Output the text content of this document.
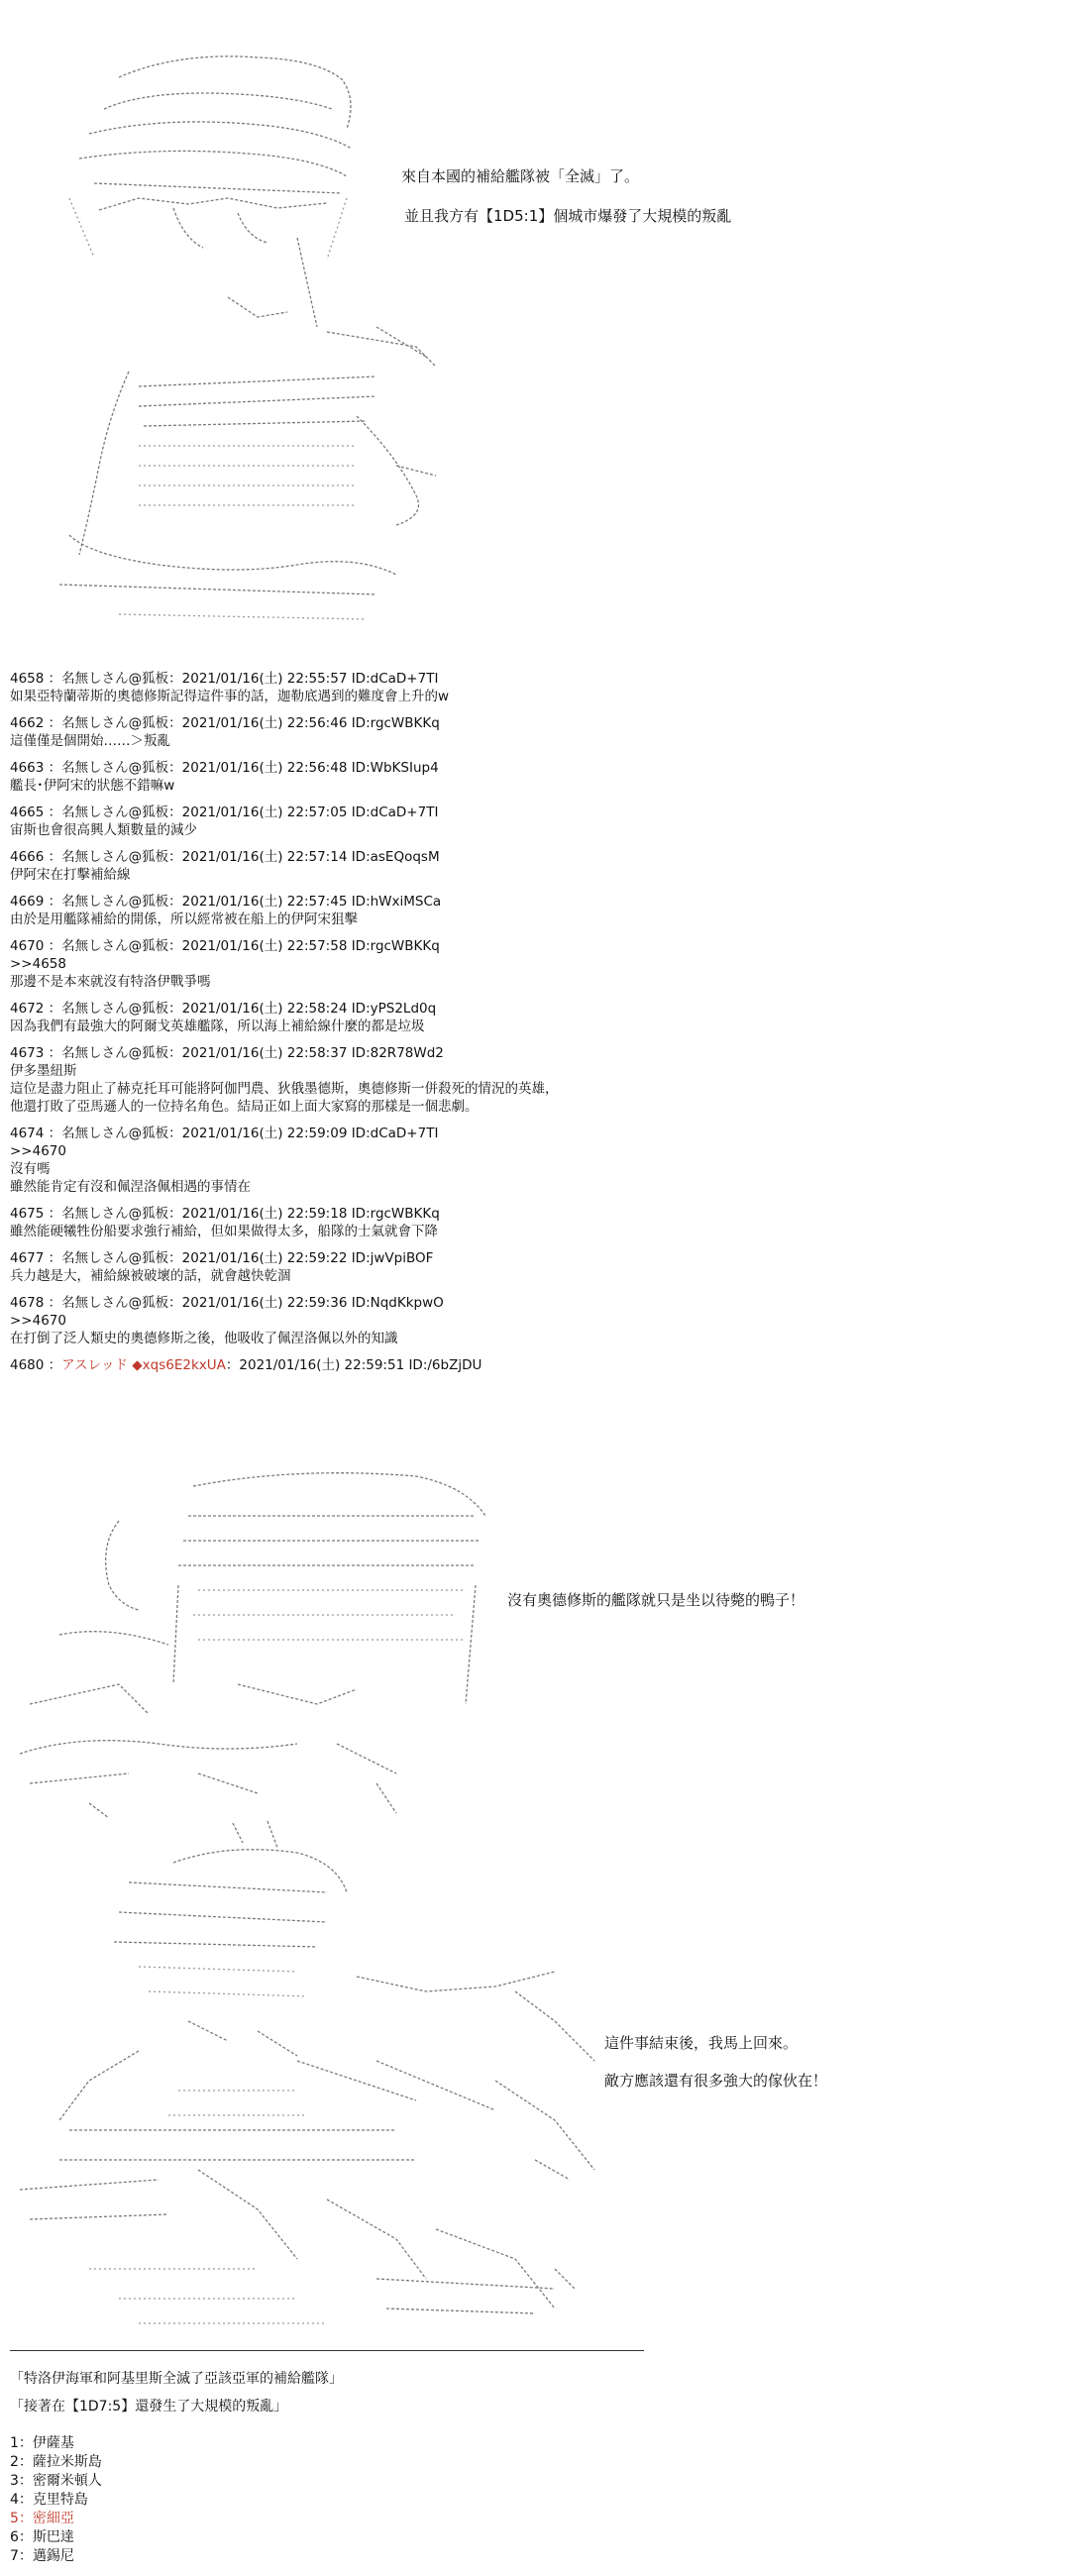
來自本國的補給艦隊被「全滅」了。
並且我方有【1D5:1】個城市爆發了大規模的叛亂
4658 ：名無しさん@狐板：2021/01/16(土) 22:55:57 ID:dCaD+7TI
如果亞特蘭蒂斯的奧德修斯記得這件事的話，迦勒底遇到的難度會上升的w
4662 ：名無しさん@狐板：2021/01/16(土) 22:56:46 ID:rgcWBKKq
這僅僅是個開始……＞叛亂
4663 ：名無しさん@狐板：2021/01/16(土) 22:56:48 ID:WbKSIup4
艦長･伊阿宋的狀態不錯嘛w
4665 ：名無しさん@狐板：2021/01/16(土) 22:57:05 ID:dCaD+7TI
宙斯也會很高興人類數量的減少
4666 ：名無しさん@狐板：2021/01/16(土) 22:57:14 ID:asEQoqsM
伊阿宋在打擊補給線
4669 ：名無しさん@狐板：2021/01/16(土) 22:57:45 ID:hWxiMSCa
由於是用艦隊補給的開係，所以經常被在船上的伊阿宋狙擊
4670 ：名無しさん@狐板：2021/01/16(土) 22:57:58 ID:rgcWBKKq
>>4658
那邊不是本來就沒有特洛伊戰爭嗎
4672 ：名無しさん@狐板：2021/01/16(土) 22:58:24 ID:yPS2Ld0q
因為我們有最強大的阿爾戈英雄艦隊，所以海上補給線什麼的都是垃圾
4673 ：名無しさん@狐板：2021/01/16(土) 22:58:37 ID:82R78Wd2
伊多墨紐斯
這位是盡力阻止了赫克托耳可能將阿伽門農、狄俄墨德斯，奧德修斯一併殺死的情況的英雄，
他還打敗了亞馬遜人的一位持名角色。結局正如上面大家寫的那樣是一個悲劇。
4674 ：名無しさん@狐板：2021/01/16(土) 22:59:09 ID:dCaD+7TI
>>4670
沒有嗎
雖然能肯定有沒和佩涅洛佩相遇的事情在
4675 ：名無しさん@狐板：2021/01/16(土) 22:59:18 ID:rgcWBKKq
雖然能硬犧牲份船要求強行補給，但如果做得太多，船隊的士氣就會下降
4677 ：名無しさん@狐板：2021/01/16(土) 22:59:22 ID:jwVpiBOF
兵力越是大，補給線被破壞的話，就會越快乾涸
4678 ：名無しさん@狐板：2021/01/16(土) 22:59:36 ID:NqdKkpwO
>>4670
在打倒了泛人類史的奧德修斯之後，他吸收了佩涅洛佩以外的知識
4680 ：アスレッド ◆xqs6E2kxUA：2021/01/16(土) 22:59:51 ID:/6bZjDU
沒有奧德修斯的艦隊就只是坐以待斃的鴨子！
這件事結束後，我馬上回來。
敵方應該還有很多強大的傢伙在！
「特洛伊海軍和阿基里斯全滅了亞該亞軍的補給艦隊」
「接著在【1D7:5】還發生了大規模的叛亂」
1：伊薩基
2：薩拉米斯島
3：密爾米頓人
4：克里特島
5：密細亞
6：斯巴達
7：邁錫尼
